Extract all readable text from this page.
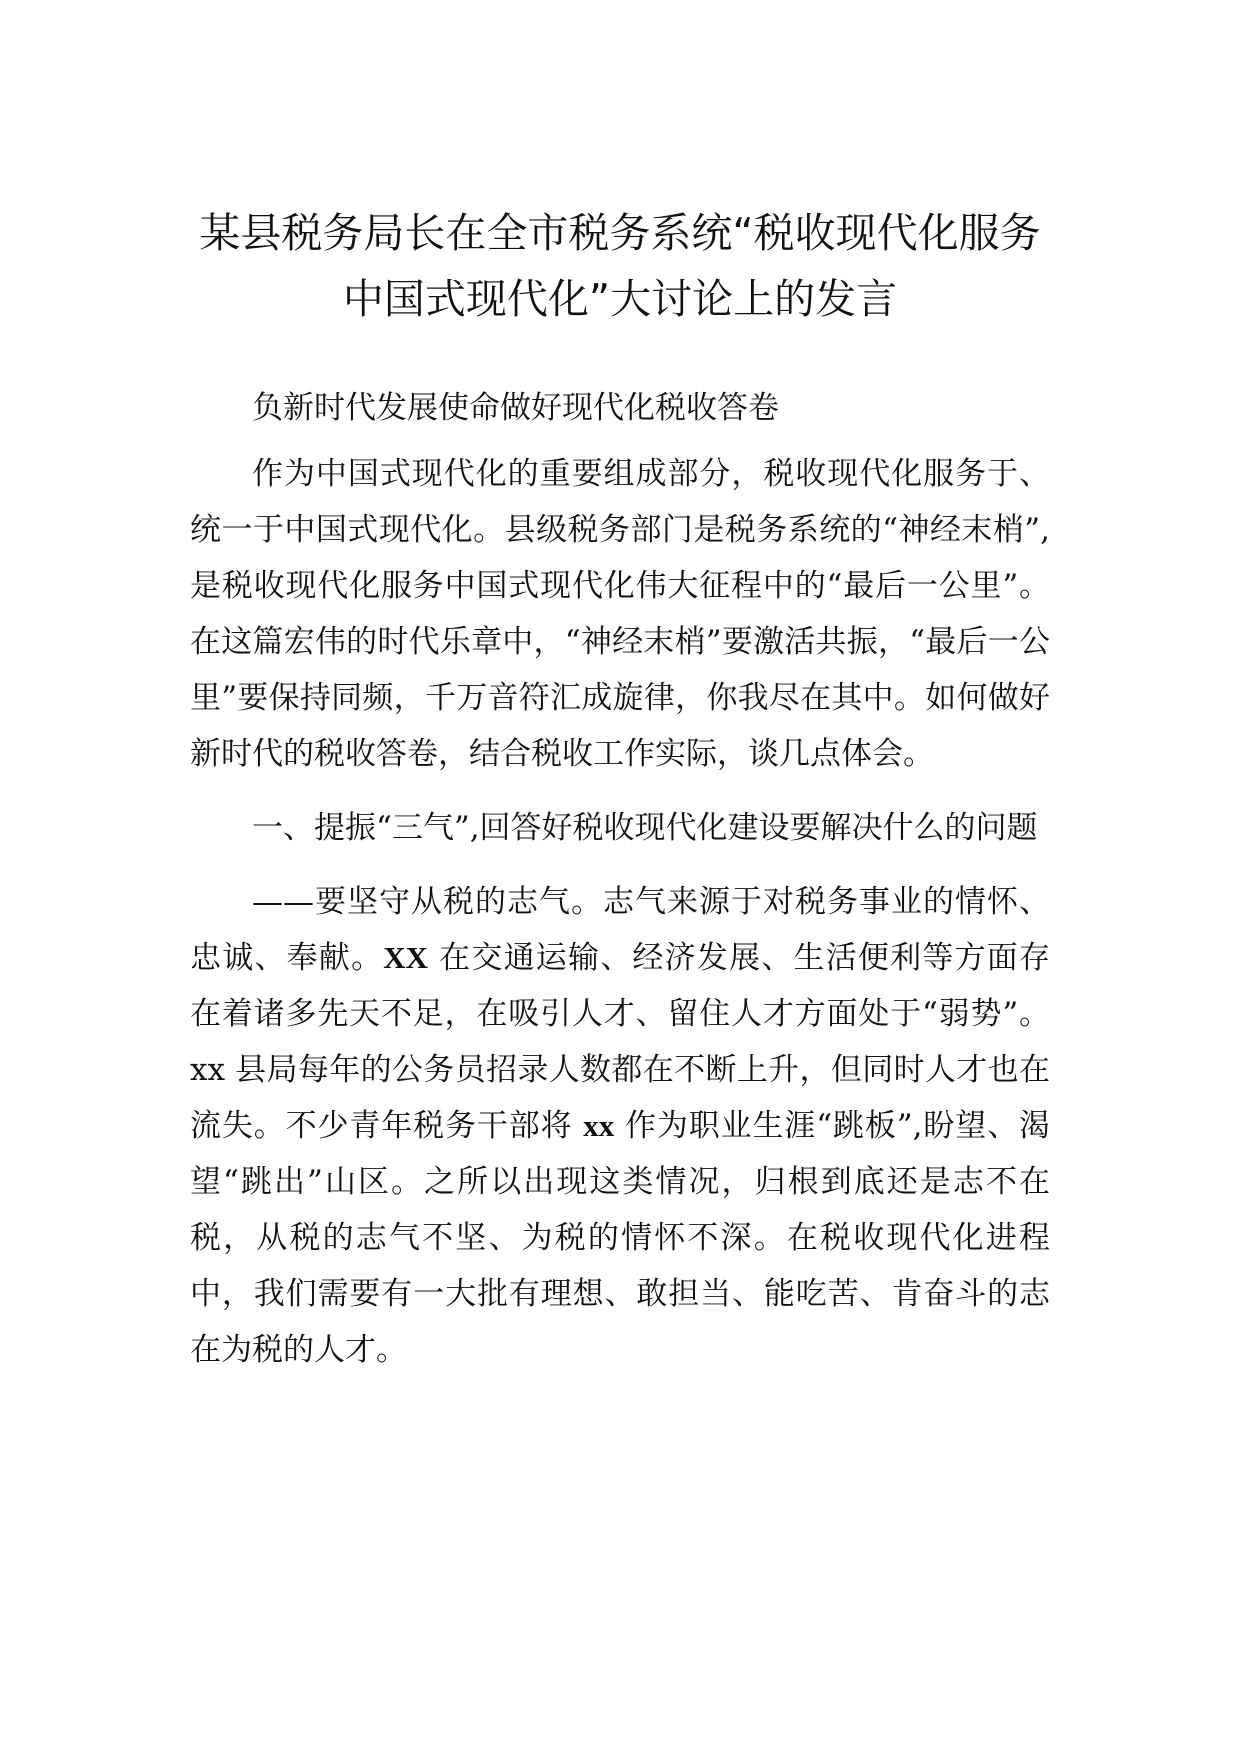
某县税务局长在全市税务系统“税收现代化服务中国式现代化”大讨论上的发言

负新时代发展使命做好现代化税收答卷

作为中国式现代化的重要组成部分，税收现代化服务于、统一于中国式现代化。县级税务部门是税务系统的“神经末梢”,是税收现代化服务中国式现代化伟大征程中的“最后一公里”。在这篇宏伟的时代乐章中，“神经末梢”要激活共振，“最后一公里”要保持同频，千万音符汇成旋律，你我尽在其中。如何做好新时代的税收答卷，结合税收工作实际，谈几点体会。

一、提振“三气”,回答好税收现代化建设要解决什么的问题

——要坚守从税的志气。志气来源于对税务事业的情怀、忠诚、奉献。XX 在交通运输、经济发展、生活便利等方面存在着诸多先天不足，在吸引人才、留住人才方面处于“弱势”。xx 县局每年的公务员招录人数都在不断上升，但同时人才也在流失。不少青年税务干部将 xx 作为职业生涯“跳板”,盼望、渴望“跳出”山区。之所以出现这类情况，归根到底还是志不在税，从税的志气不坚、为税的情怀不深。在税收现代化进程中，我们需要有一大批有理想、敢担当、能吃苦、肯奋斗的志在为税的人才。
